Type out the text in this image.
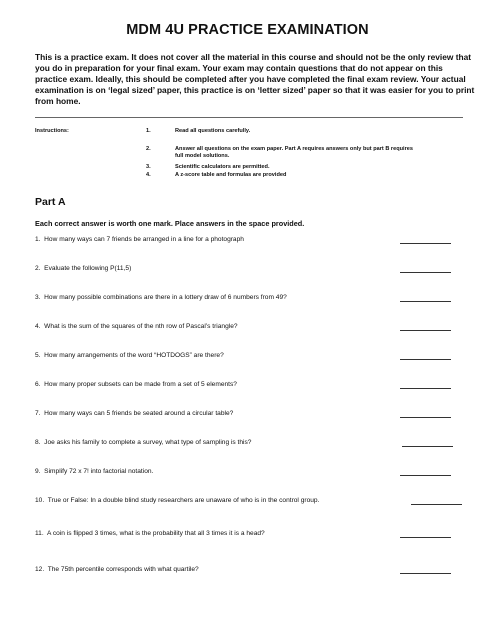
MDM 4U PRACTICE EXAMINATION
This is a practice exam. It does not cover all the material in this course and should not be the only review that you do in preparation for your final exam. Your exam may contain questions that do not appear on this practice exam. Ideally, this should be completed after you have completed the final exam review. Your actual examination is on ‘legal sized’ paper, this practice is on ‘letter sized’ paper so that it was easier for you to print from home.
Instructions:	1.	Read all questions carefully.
2.	Answer all questions on the exam paper. Part A requires answers only but part B requires full model solutions.
3.	Scientific calculators are permitted.
4.	A z-score table and formulas are provided
Part A
Each correct answer is worth one mark. Place answers in the space provided.
1. How many ways can 7 friends be arranged in a line for a photograph
2. Evaluate the following P(11,5)
3. How many possible combinations are there in a lottery draw of 6 numbers from 49?
4. What is the sum of the squares of the nth row of Pascal’s triangle?
5. How many arrangements of the word “HOTDOGS” are there?
6. How many proper subsets can be made from a set of 5 elements?
7. How many ways can 5 friends be seated around a circular table?
8. Joe asks his family to complete a survey, what type of sampling is this?
9. Simplify 72 x 7! into factorial notation.
10. True or False: In a double blind study researchers are unaware of who is in the control group.
11. A coin is flipped 3 times, what is the probability that all 3 times it is a head?
12. The 75th percentile corresponds with what quartile?
